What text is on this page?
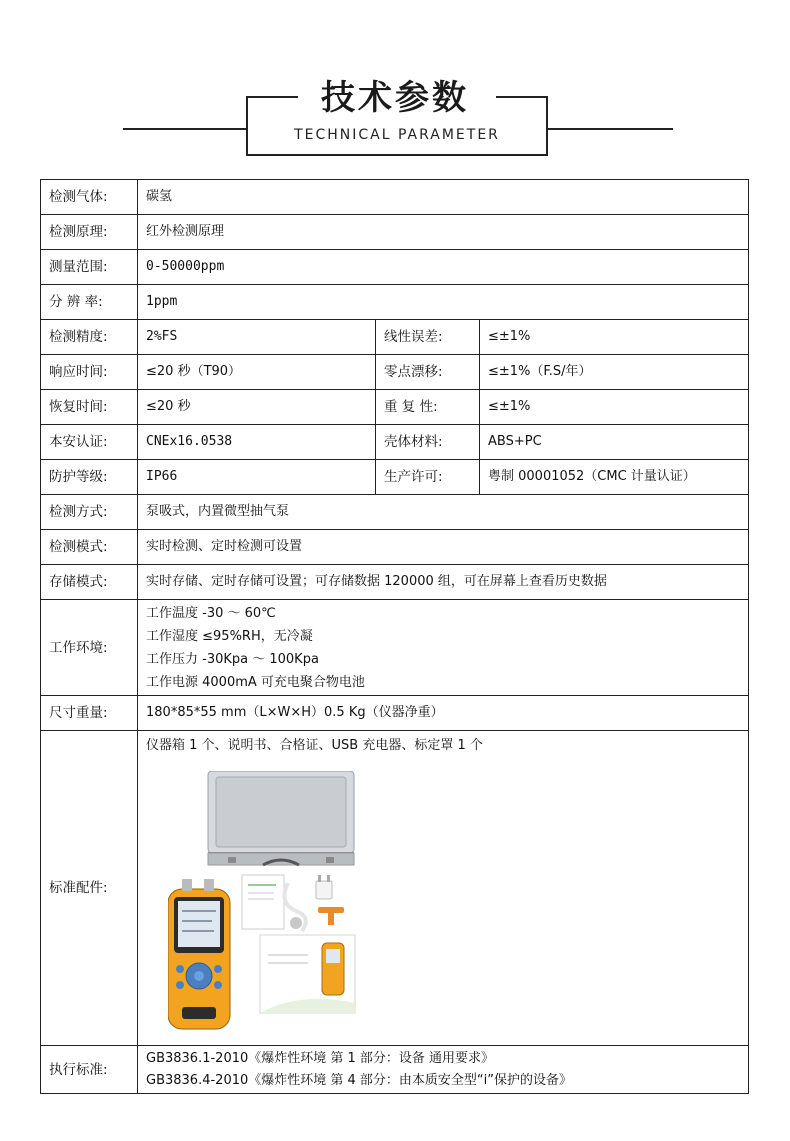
技术参数
TECHNICAL PARAMETER
检测气体:	碳氢		
检测原理:	红外检测原理		
测量范围:	0-50000ppm		
分 辨 率:	1ppm		
检测精度:	2%FS	线性误差:	≤±1%
响应时间:	≤20 秒（T90）	零点漂移:	≤±1%（F.S/年）
恢复时间:	≤20 秒	重 复 性:	≤±1%
本安认证:	CNEx16.0538	壳体材料:	ABS+PC
防护等级:	IP66	生产许可:	粤制 00001052（CMC 计量认证）
检测方式:	泵吸式，内置微型抽气泵		
检测模式:	实时检测、定时检测可设置		
存储模式:	实时存储、定时存储可设置；可存储数据 120000 组，可在屏幕上查看历史数据		
工作环境:	工作温度 -30 ～ 60℃
工作湿度 ≤95%RH，无冷凝
工作压力 -30Kpa ～ 100Kpa
工作电源 4000mA 可充电聚合物电池		

尺寸重量:	180*85*55 mm（L×W×H）0.5 Kg（仪器净重）		
标准配件:	仪器箱 1 个、说明书、合格证、USB 充电器、标定罩 1 个		

执行标准:	GB3836.1-2010《爆炸性环境 第 1 部分：设备 通用要求》
GB3836.4-2010《爆炸性环境 第 4 部分：由本质安全型“i”保护的设备》		
